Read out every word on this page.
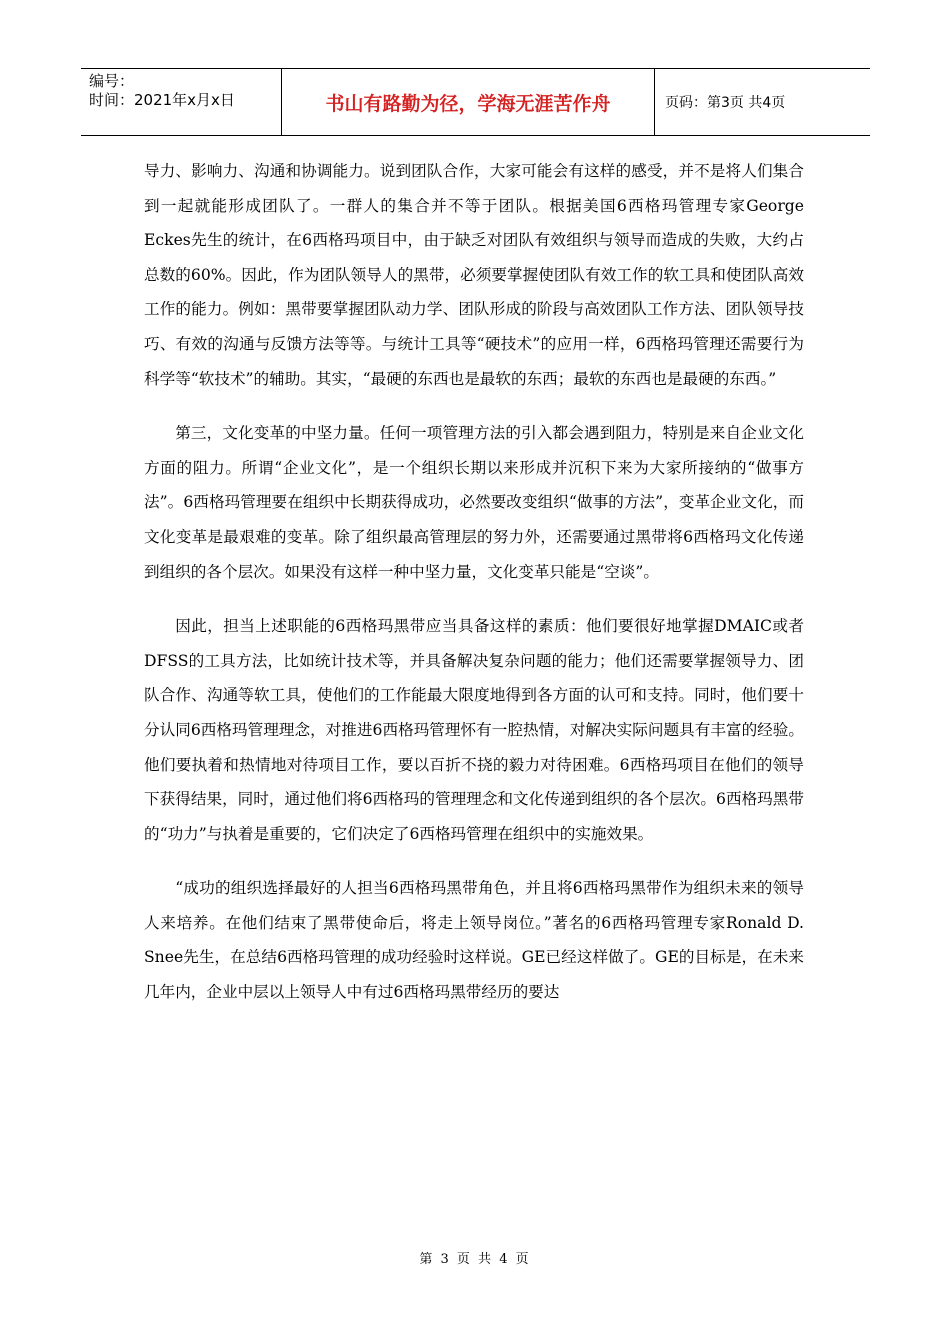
编号：
时间：2021年x月x日	书山有路勤为径，学海无涯苦作舟	页码：第3页 共4页

导力、影响力、沟通和协调能力。说到团队合作，大家可能会有这样的感受，并不是将人们集合到一起就能形成团队了。一群人的集合并不等于团队。根据美国6西格玛管理专家George Eckes先生的统计，在6西格玛项目中，由于缺乏对团队有效组织与领导而造成的失败，大约占总数的60%。因此，作为团队领导人的黑带，必须要掌握使团队有效工作的软工具和使团队高效工作的能力。例如：黑带要掌握团队动力学、团队形成的阶段与高效团队工作方法、团队领导技巧、有效的沟通与反馈方法等等。与统计工具等“硬技术”的应用一样，6西格玛管理还需要行为科学等“软技术”的辅助。其实，“最硬的东西也是最软的东西；最软的东西也是最硬的东西。”

第三，文化变革的中坚力量。任何一项管理方法的引入都会遇到阻力，特别是来自企业文化方面的阻力。所谓“企业文化”，是一个组织长期以来形成并沉积下来为大家所接纳的“做事方法”。6西格玛管理要在组织中长期获得成功，必然要改变组织“做事的方法”，变革企业文化，而文化变革是最艰难的变革。除了组织最高管理层的努力外，还需要通过黑带将6西格玛文化传递到组织的各个层次。如果没有这样一种中坚力量，文化变革只能是“空谈”。

因此，担当上述职能的6西格玛黑带应当具备这样的素质：他们要很好地掌握DMAIC或者DFSS的工具方法，比如统计技术等，并具备解决复杂问题的能力；他们还需要掌握领导力、团队合作、沟通等软工具，使他们的工作能最大限度地得到各方面的认可和支持。同时，他们要十分认同6西格玛管理理念，对推进6西格玛管理怀有一腔热情，对解决实际问题具有丰富的经验。他们要执着和热情地对待项目工作，要以百折不挠的毅力对待困难。6西格玛项目在他们的领导下获得结果，同时，通过他们将6西格玛的管理理念和文化传递到组织的各个层次。6西格玛黑带的“功力”与执着是重要的，它们决定了6西格玛管理在组织中的实施效果。

“成功的组织选择最好的人担当6西格玛黑带角色，并且将6西格玛黑带作为组织未来的领导人来培养。在他们结束了黑带使命后，将走上领导岗位。”著名的6西格玛管理专家Ronald D. Snee先生，在总结6西格玛管理的成功经验时这样说。GE已经这样做了。GE的目标是，在未来几年内，企业中层以上领导人中有过6西格玛黑带经历的要达

第 3 页 共 4 页
